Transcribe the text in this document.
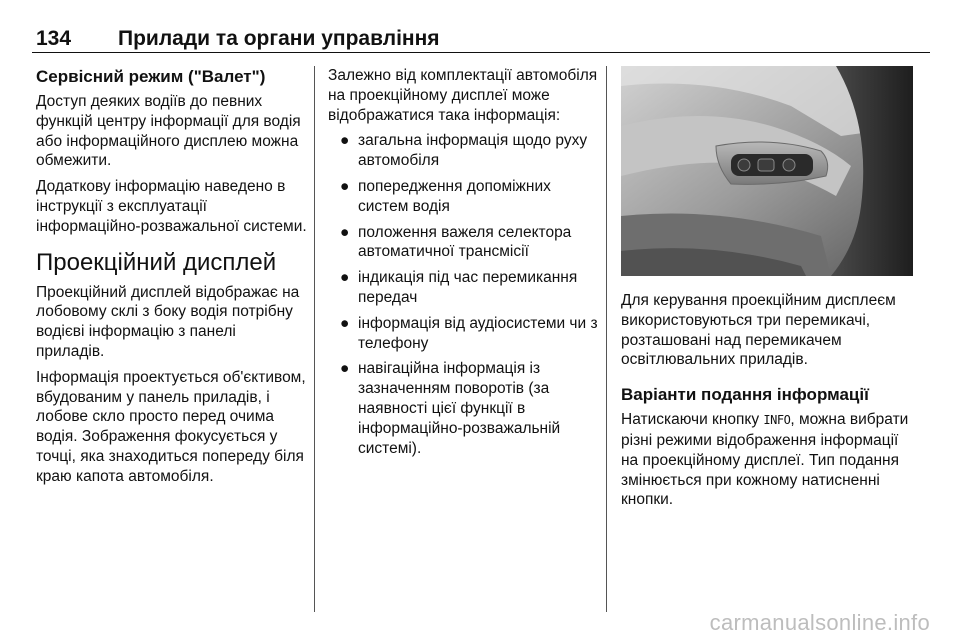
134 Прилади та органи управління
Сервісний режим ("Валет")

Доступ деяких водіїв до певних функцій центру інформації для водія або інформаційного дисплею можна обмежити.

Додаткову інформацію наведено в інструкції з експлуатації інформаційно-розважальної системи.

Проекційний дисплей

Проекційний дисплей відображає на лобовому склі з боку водія потрібну водієві інформацію з панелі приладів.

Інформація проектується об'єктивом, вбудованим у панель приладів, і лобове скло просто перед очима водія. Зображення фокусується у точці, яка знаходиться попереду біля краю капота автомобіля.

Залежно від комплектації автомобіля на проекційному дисплеї може відображатися така інформація:

● загальна інформація щодо руху автомобіля
● попередження допоміжних систем водія
● положення важеля селектора автоматичної трансмісії
● індикація під час перемикання передач
● інформація від аудіосистеми чи з телефону
● навігаційна інформація із зазначенням поворотів (за наявності цієї функції в інформаційно-розважальній системі).

Для керування проекційним дисплеєм використовуються три перемикачі, розташовані над перемикачем освітлювальних приладів.

Варіанти подання інформації

Натискаючи кнопку INFO, можна вибрати різні режими відображення інформації на проекційному дисплеї. Тип подання змінюється при кожному натисненні кнопки.

carmanualsonline.info
